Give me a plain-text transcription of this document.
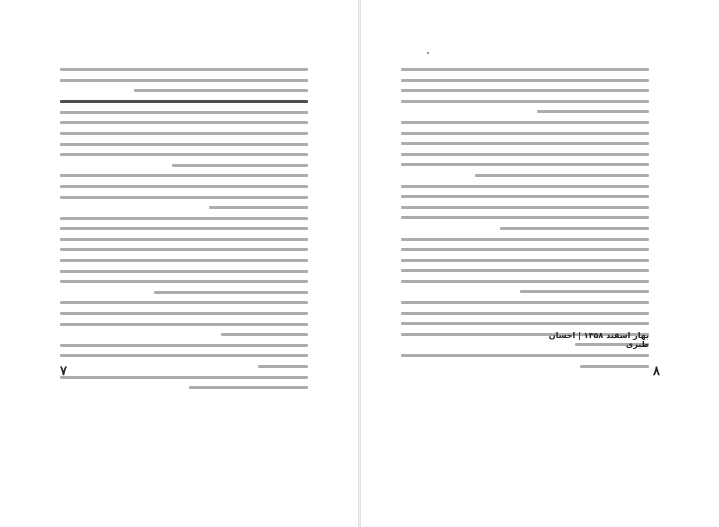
٧
بهار اسفند ۱۳۵۸ | احسان طبری
٨
